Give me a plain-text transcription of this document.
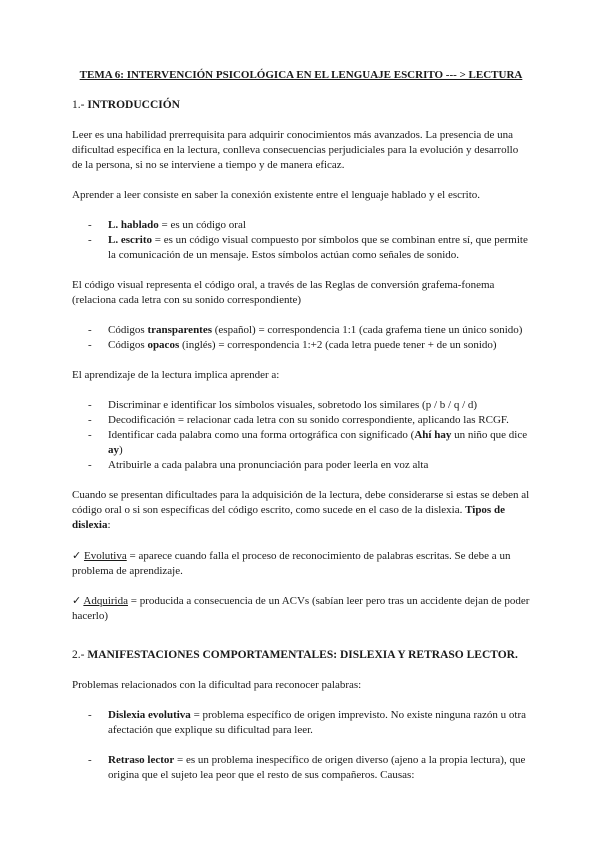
TEMA 6: INTERVENCIÓN PSICOLÓGICA EN EL LENGUAJE ESCRITO --- > LECTURA
1.- INTRODUCCIÓN

Leer es una habilidad prerrequisita para adquirir conocimientos más avanzados. La presencia de una dificultad específica en la lectura, conlleva consecuencias perjudiciales para la evolución y desarrollo de la persona, si no se interviene a tiempo y de manera eficaz.

Aprender a leer consiste en saber la conexión existente entre el lenguaje hablado y el escrito.

- L. hablado = es un código oral
- L. escrito = es un código visual compuesto por símbolos que se combinan entre sí, que permite la comunicación de un mensaje. Estos símbolos actúan como señales de sonido.

El código visual representa el código oral, a través de las Reglas de conversión grafema-fonema (relaciona cada letra con su sonido correspondiente)

- Códigos transparentes (español) = correspondencia 1:1 (cada grafema tiene un único sonido)
- Códigos opacos (inglés) = correspondencia 1:+2 (cada letra puede tener + de un sonido)

El aprendizaje de la lectura implica aprender a:

- Discriminar e identificar los símbolos visuales, sobretodo los similares (p / b / q / d)
- Decodificación = relacionar cada letra con su sonido correspondiente, aplicando las RCGF.
- Identificar cada palabra como una forma ortográfica con significado (Ahí hay un niño que dice ay)
- Atribuirle a cada palabra una pronunciación para poder leerla en voz alta

Cuando se presentan dificultades para la adquisición de la lectura, debe considerarse si estas se deben al código oral o si son específicas del código escrito, como sucede en el caso de la dislexia. Tipos de dislexia:

✓ Evolutiva = aparece cuando falla el proceso de reconocimiento de palabras escritas. Se debe a un problema de aprendizaje.

✓ Adquirida = producida a consecuencia de un ACVs (sabían leer pero tras un accidente dejan de poder hacerlo)

2.- MANIFESTACIONES COMPORTAMENTALES: DISLEXIA Y RETRASO LECTOR.

Problemas relacionados con la dificultad para reconocer palabras:

- Dislexia evolutiva = problema específico de origen imprevisto. No existe ninguna razón u otra afectación que explique su dificultad para leer.
- Retraso lector = es un problema inespecífico de origen diverso (ajeno a la propia lectura), que origina que el sujeto lea peor que el resto de sus compañeros. Causas:
